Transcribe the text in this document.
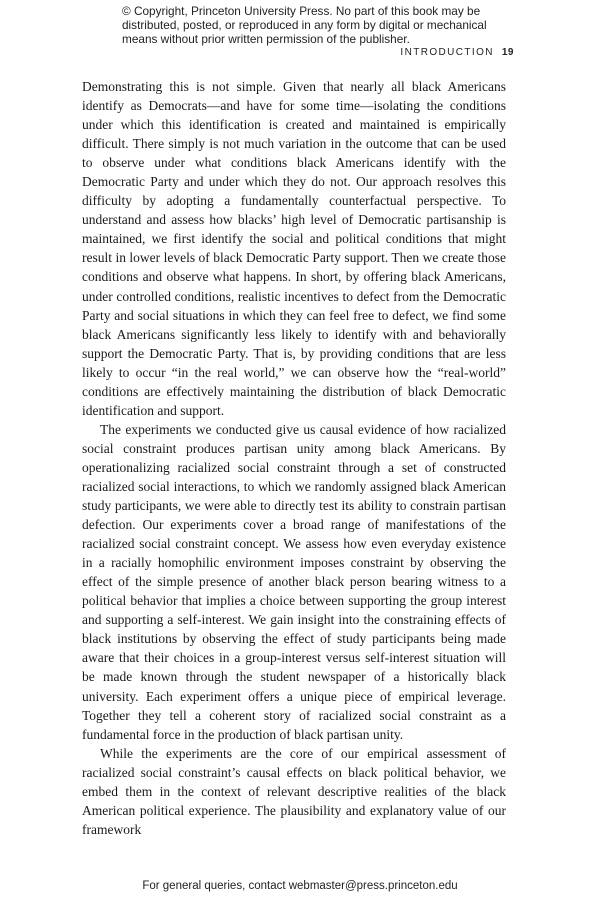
© Copyright, Princeton University Press. No part of this book may be distributed, posted, or reproduced in any form by digital or mechanical means without prior written permission of the publisher.
INTRODUCTION 19

Demonstrating this is not simple. Given that nearly all black Americans identify as Democrats—and have for some time—isolating the conditions under which this identification is created and maintained is empirically difficult. There simply is not much variation in the outcome that can be used to observe under what conditions black Americans identify with the Democratic Party and under which they do not. Our approach resolves this difficulty by adopting a fundamentally counterfactual perspective. To understand and assess how blacks’ high level of Democratic partisanship is maintained, we first identify the social and political conditions that might result in lower levels of black Democratic Party support. Then we create those conditions and observe what happens. In short, by offering black Americans, under controlled conditions, realistic incentives to defect from the Democratic Party and social situations in which they can feel free to defect, we find some black Americans significantly less likely to identify with and behaviorally support the Democratic Party. That is, by providing conditions that are less likely to occur “in the real world,” we can observe how the “real-world” conditions are effectively maintaining the distribution of black Democratic identification and support.

The experiments we conducted give us causal evidence of how racialized social constraint produces partisan unity among black Americans. By operationalizing racialized social constraint through a set of constructed racialized social interactions, to which we randomly assigned black American study participants, we were able to directly test its ability to constrain partisan defection. Our experiments cover a broad range of manifestations of the racialized social constraint concept. We assess how even everyday existence in a racially homophilic environment imposes constraint by observing the effect of the simple presence of another black person bearing witness to a political behavior that implies a choice between supporting the group interest and supporting a self-interest. We gain insight into the constraining effects of black institutions by observing the effect of study participants being made aware that their choices in a group-interest versus self-interest situation will be made known through the student newspaper of a historically black university. Each experiment offers a unique piece of empirical leverage. Together they tell a coherent story of racialized social constraint as a fundamental force in the production of black partisan unity.

While the experiments are the core of our empirical assessment of racialized social constraint’s causal effects on black political behavior, we embed them in the context of relevant descriptive realities of the black American political experience. The plausibility and explanatory value of our framework

For general queries, contact webmaster@press.princeton.edu
